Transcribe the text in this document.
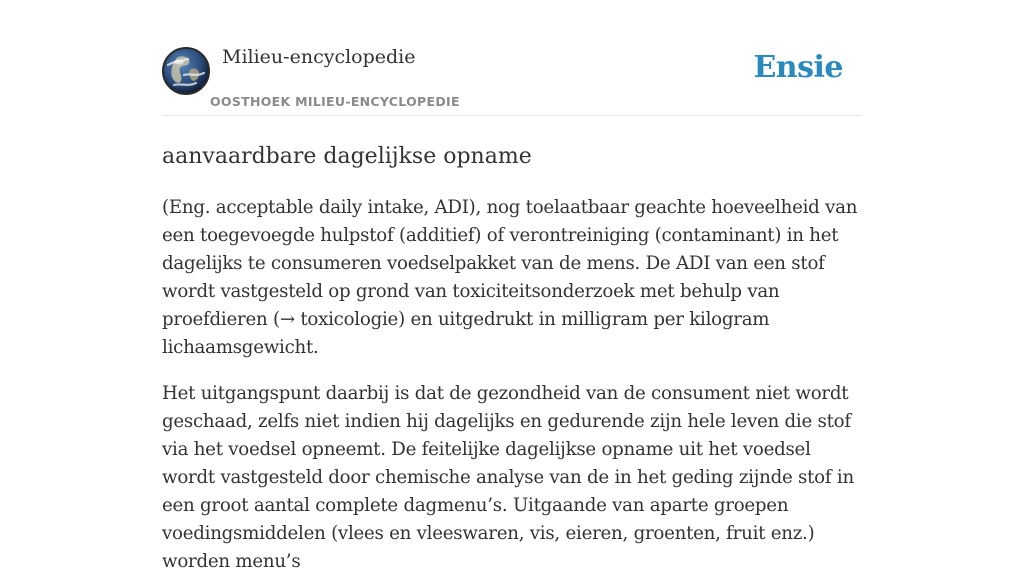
Milieu-encyclopedie
OOSTHOEK MILIEU-ENCYCLOPEDIE
Ensie
aanvaardbare dagelijkse opname

(Eng. acceptable daily intake, ADI), nog toelaatbaar geachte hoeveelheid van een toegevoegde hulpstof (additief) of verontreiniging (contaminant) in het dagelijks te consumeren voedselpakket van de mens. De ADI van een stof wordt vastgesteld op grond van toxiciteitsonderzoek met behulp van proefdieren (→ toxicologie) en uitgedrukt in milligram per kilogram lichaamsgewicht.

Het uitgangspunt daarbij is dat de gezondheid van de consument niet wordt geschaad, zelfs niet indien hij dagelijks en gedurende zijn hele leven die stof via het voedsel opneemt. De feitelijke dagelijkse opname uit het voedsel wordt vastgesteld door chemische analyse van de in het geding zijnde stof in een groot aantal complete dagmenu’s. Uitgaande van aparte groepen voedingsmiddelen (vlees en vleeswaren, vis, eieren, groenten, fruit enz.) worden menu’s
